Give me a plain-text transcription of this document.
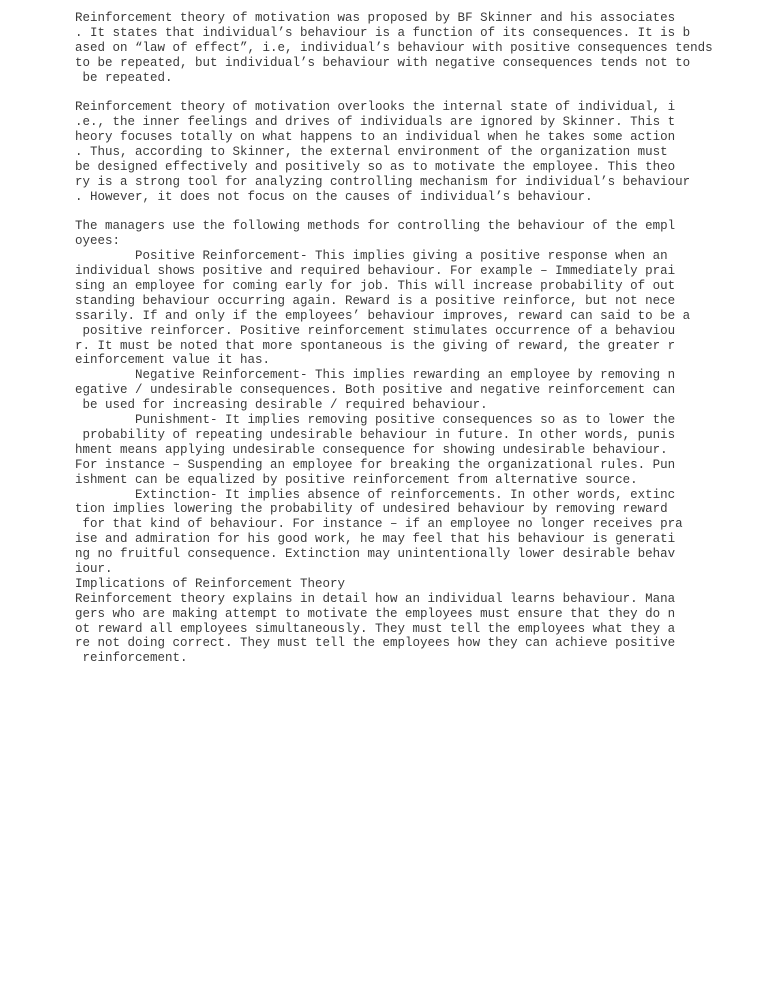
Reinforcement theory of motivation was proposed by BF Skinner and his associates
. It states that individual’s behaviour is a function of its consequences. It is b
ased on “law of effect”, i.e, individual’s behaviour with positive consequences tends
to be repeated, but individual’s behaviour with negative consequences tends not to
be repeated.
Reinforcement theory of motivation overlooks the internal state of individual, i
.e., the inner feelings and drives of individuals are ignored by Skinner. This t
heory focuses totally on what happens to an individual when he takes some action
. Thus, according to Skinner, the external environment of the organization must
be designed effectively and positively so as to motivate the employee. This theo
ry is a strong tool for analyzing controlling mechanism for individual’s behaviour
. However, it does not focus on the causes of individual’s behaviour.
The managers use the following methods for controlling the behaviour of the empl
oyees:
Positive Reinforcement- This implies giving a positive response when an
individual shows positive and required behaviour. For example – Immediately prai
sing an employee for coming early for job. This will increase probability of out
standing behaviour occurring again. Reward is a positive reinforce, but not nece
ssarily. If and only if the employees’ behaviour improves, reward can said to be a
positive reinforcer. Positive reinforcement stimulates occurrence of a behaviou
r. It must be noted that more spontaneous is the giving of reward, the greater r
einforcement value it has.
Negative Reinforcement- This implies rewarding an employee by removing n
egative / undesirable consequences. Both positive and negative reinforcement can
be used for increasing desirable / required behaviour.
Punishment- It implies removing positive consequences so as to lower the
probability of repeating undesirable behaviour in future. In other words, punis
hment means applying undesirable consequence for showing undesirable behaviour.
For instance – Suspending an employee for breaking the organizational rules. Pun
ishment can be equalized by positive reinforcement from alternative source.
Extinction- It implies absence of reinforcements. In other words, extinc
tion implies lowering the probability of undesired behaviour by removing reward
for that kind of behaviour. For instance – if an employee no longer receives pra
ise and admiration for his good work, he may feel that his behaviour is generati
ng no fruitful consequence. Extinction may unintentionally lower desirable behav
iour.
Implications of Reinforcement Theory
Reinforcement theory explains in detail how an individual learns behaviour. Mana
gers who are making attempt to motivate the employees must ensure that they do n
ot reward all employees simultaneously. They must tell the employees what they a
re not doing correct. They must tell the employees how they can achieve positive
reinforcement.
